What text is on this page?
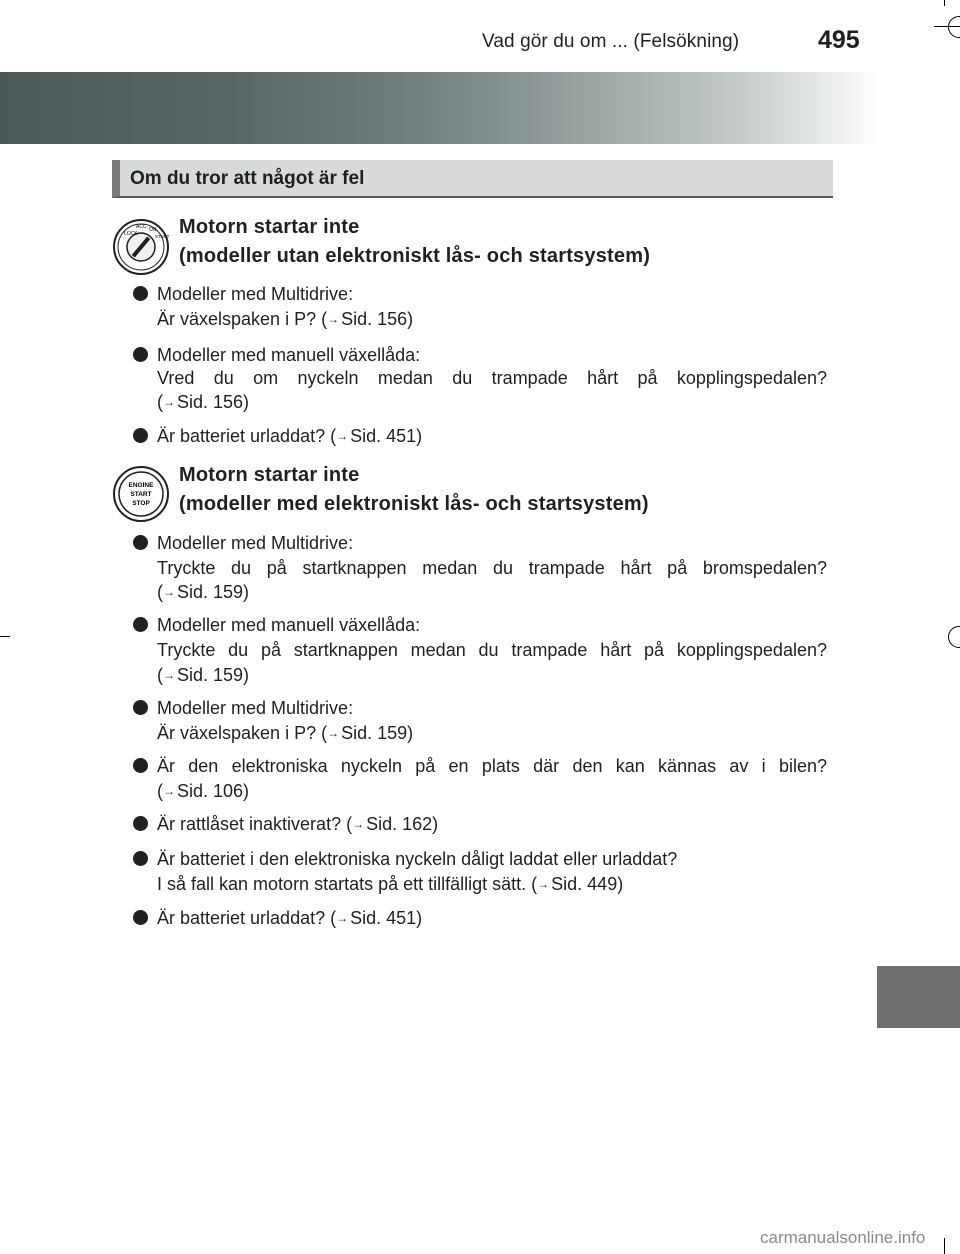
Vad gör du om ... (Felsökning)	495
Om du tror att något är fel
LOCK
ACC ON
START Motorn startar inte
(modeller utan elektroniskt lås- och startsystem)
Modeller med Multidrive:
Är växelspaken i P? (→ Sid. 156)
Modeller med manuell växellåda:
Vred du om nyckeln medan du trampade hårt på kopplingspedalen?
(→ Sid. 156)
Är batteriet urladdat? (→ Sid. 451)
ENGINE
START
STOP
Motorn startar inte
(modeller med elektroniskt lås- och startsystem)
Modeller med Multidrive:
Tryckte du på startknappen medan du trampade hårt på bromspedalen?
(→ Sid. 159)
Modeller med manuell växellåda:
Tryckte du på startknappen medan du trampade hårt på kopplingspedalen?
(→ Sid. 159)
Modeller med Multidrive:
Är växelspaken i P? (→ Sid. 159)
Är den elektroniska nyckeln på en plats där den kan kännas av i bilen?
(→ Sid. 106)
Är rattlåset inaktiverat? (→ Sid. 162)
Är batteriet i den elektroniska nyckeln dåligt laddat eller urladdat?
I så fall kan motorn startats på ett tillfälligt sätt. (→ Sid. 449)
Är batteriet urladdat? (→ Sid. 451)
carmanualsonline.info
